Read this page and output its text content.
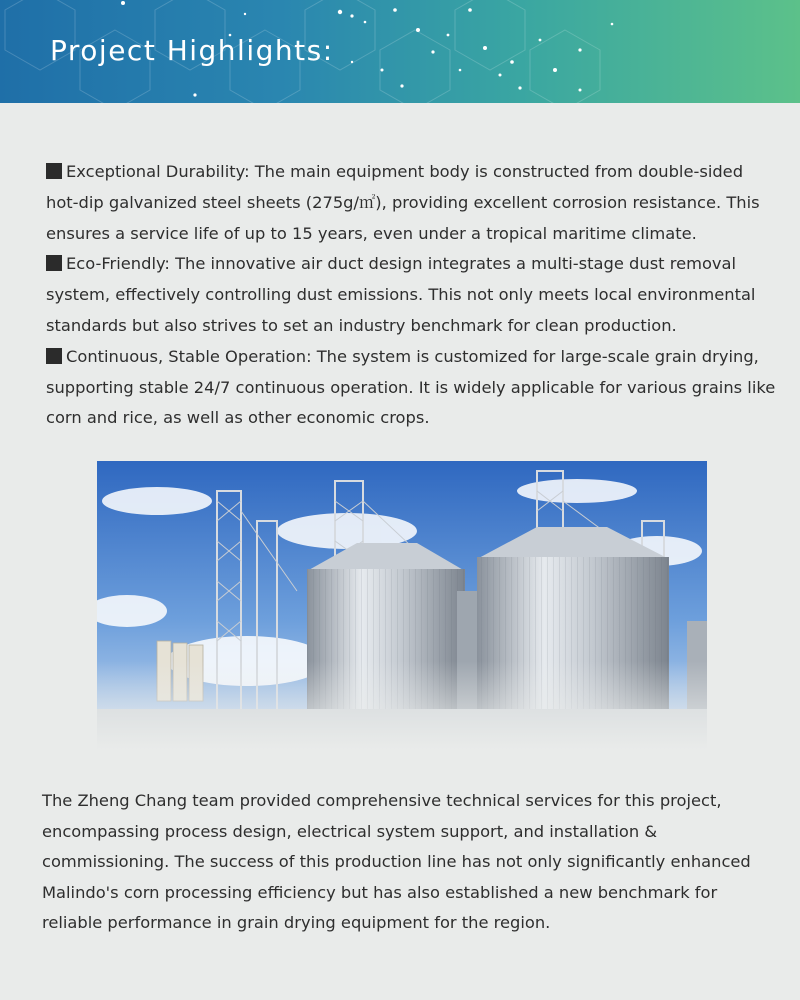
Project Highlights:

Exceptional Durability: The main equipment body is constructed from double-sided hot-dip galvanized steel sheets (275g/㎡), providing excellent corrosion resistance. This ensures a service life of up to 15 years, even under a tropical maritime climate.

Eco-Friendly: The innovative air duct design integrates a multi-stage dust removal system, effectively controlling dust emissions. This not only meets local environmental standards but also strives to set an industry benchmark for clean production.

Continuous, Stable Operation: The system is customized for large-scale grain drying, supporting stable 24/7 continuous operation. It is widely applicable for various grains like corn and rice, as well as other economic crops.

The Zheng Chang team provided comprehensive technical services for this project, encompassing process design, electrical system support, and installation & commissioning. The success of this production line has not only significantly enhanced Malindo's corn processing efficiency but has also established a new benchmark for reliable performance in grain drying equipment for the region.
